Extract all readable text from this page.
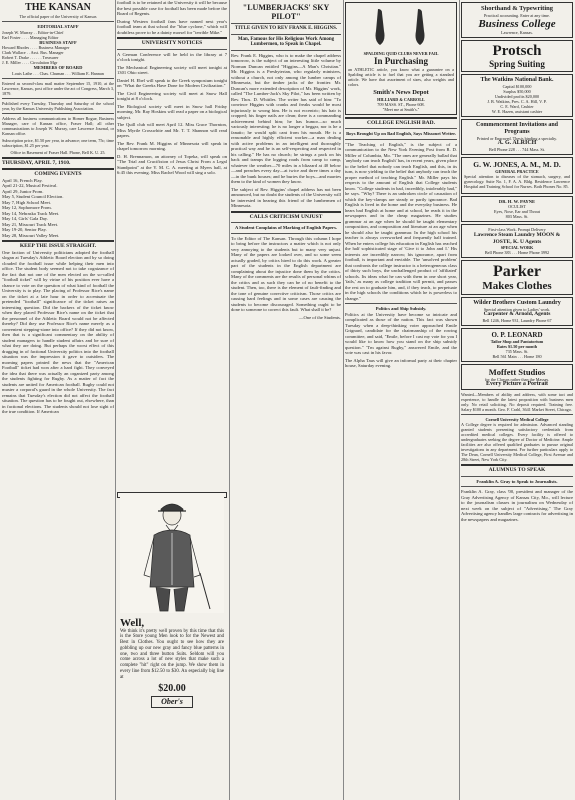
THE KANSAN
The official paper of the University of Kansas
EDITORIAL STAFF
Joseph W. Murray . . Editor-in-Chief
Earl Foster . . . . Managing Editor
BUSINESS STAFF
Howard Rhodes . . . . Business Manager
Clark Wallace . . Asst. Bus. Manager
Robert T. Drake . . . . . . Treasurer
J. E. Miller . . . . Circulation Mgr
MEMBERS OF BOARD
Louis Lathe . . . Chas. Chuman . . . William E. Hannan

Entered as second-class mail matter September 15, 1910, at the Lawrence, Kansas, post office under the act of Congress, March 3, 1879.

Published every Tuesday, Thursday and Saturday of the school year, by the Kansas University Publishing Association.

Address all business communications to Homer Rogue, Business Manager, care of Kansan office, Fraser Hall; all other communications to Joseph W. Murray, care Lawrence Journal, or Kansan office.

Subscription price, $1.50 per year, in advance; one term, 75c; time subscription, $1.25 per year.

Office in Basement of Fraser Hall. Phone, Bell K. U. 25.

THURSDAY, APRIL 7, 1910.
COMING EVENTS
April 16, French Play.
April 21-22, Musical Festival.
April 29, Junior Prom.
May 5, Student Council Election.
May 7, High School Meet.
May 12, Sophomore Prom.
May 14, Nebraska Track Meet.
May 14, Girls' Gala Day.
May 21, Missouri Track Meet.
May 19-20, Senior Play.
May 28, Missouri Valley Meet.
KEEP THE ISSUE STRAIGHT.

One faction of University politicians adopted the football slogan at Tuesday's Athletic Board election and by so doing clouded the football issue while helping their men into office. The student body seemed not to take cognizance of the fact that not one of the men elected on the so-called "football ticket" will by virtue of his position ever have a chance to vote on the question of what kind of football the University is to play. The placing of Professor Rice's name on the ticket at a late hour in order to accentuate the pretended "football" significance of the ticket raises an interesting question. Did the backers of the ticket know when they placed Professor Rice's name on the ticket that the personnel of the Athletic Board would not be affected thereby? Did they use Professor Rice's name merely as a convenient stepping-stone into office? If they did not know, then that is a significant commentary on the ability of student managers to handle student affairs and be sure of what they are doing. But perhaps the worst effect of this dragging in of factional University politics into the football situation was the impression it gave to outsiders. The morning papers printed the news that the "American Football" ticket had won after a hard fight. They conveyed the idea that there was actually an organized party among the students fighting for Rugby. As a matter of fact the students are united for American football. Rugby could not muster a corporal's guard in the whole University. The fact remains that Tuesday's election did not affect the football situation. The question has to be fought out, elsewhere, than in factional elections. The students should not lose sight of the true condition. If American

football is to be retained at the University it will be because the best possible case for football has been made before the Board of Regents.

During Western football fans have named next year's football team at that school the "blue cyclone," which will doubtless prove to be a dainty morsel for "terrible Mike."

UNIVERSITY NOTICES

A German Conference will be held in the library at 7 o'clock tonight.

The Mechanical Engineering society will meet tonight at 1301 Ohio street.

Daniel H. Ebel will speak to the Greek symposium tonight on "What the Greeks Have Done for Modern Civilization."

The Civil Engineering society will meet at Snow Hall tonight at 8 o'clock.

The Biological society will meet in Snow hall Friday morning. Mr. Ray Hoskins will read a paper on a biological subject.

The Quill club will meet April 12. Miss Grace Thornton, Miss Myrtle Crosswhite and Mr. T. T. Shannon will read papers.

The Rev. Frank M. Higgins of Minnesota will speak in chapel tomorrow morning.

D. H. Brennamon, an attorney of Topeka, will speak on "The Trial and Crucifixion of Jesus Christ From a Legal Standpoint" at the Y. M. C. A. meeting at Myers hall, at 6:45 this evening. Miss Rachel Wood will sing a solo.

Well,

We think it's pretty well proven by this time that this is the Store young Men look to for the Newest and Best in Clothes. You ought to see how they are gobbling up our new gray and fancy blue patterns in one, two and three button Suits. Seldom will you come across a lot of new styles that make such a complete "hit" right on the jump. We show them in every line from $12.50 to $30. An especially big line at

$20.00
Ober's
"LUMBERJACKS' SKY PILOT"
TITLE GIVEN TO REV FRANK E. HIGGINS.
Man, Famous for His Religious Work Among Lumbermen, to Speak in Chapel.

Rev. Frank E. Higgins, who is to make the chapel address tomorrow, is the subject of an interesting little volume by Norman Duncan entitled "Higgins—A Man's Christian." Mr. Higgins is a Presbyterian, who regularly ministers, without a church, not only among the lumber camps of Minnesota, but the timber jacks of the frontier. Mr. Duncan's more extended description of Mr. Higgins' work, called "The Lumber-Jack's Sky Pilot," has been written by Rev. Thos. D. Whittles. The writer has said of him: "To convince Higgins with cranks and freaks would be most injuriously to wrong him. He is not eccentric; his hair is cropped; his finger nails are clean; there is a commanding achievement behind him; he has humor—so much variously interesting; he is no longer a beggar, nor is he a fanatic; he would split cant from his mouth. He is a reasonable and highly efficient worker—a man dealing with active problems in an intelligent and thoroughly practical way and he is an self-respecting and respected in his calling." He has no church; he strings a pack on his back and tramps the logging roads from camp to camp, whatever the weather—70 miles in a blizzard at 40 below—and preaches every day—at twice and three times a day—in the bunk houses; and he buries the boys—and marries them to the kind of women they know.

The subject of Rev. Higgins' chapel address has not been announced, but no doubt the students of the University will be interested in hearing this friend of the lumbermen of Minnesota.

CALLS CRITICISM UNJUST
A Student Complains of Marking of English Papers.

To the Editor of The Kansan. Through this column I hope to bring before the instructors a matter which is not only very annoying to the students but to many very unjust. Many of the papers are looked over, and so some seem actually graded, by critics hired to do this work. A greater part of the students in the English department are complaining about the injustice done them by the critics. Many of the comments are the results of personal whims of the critics and as such they can be of no benefit to the student. Then, too, there is the element of fault-finding and the tone of genuine corrective criticism. Those critics are causing hard feelings and in some cases are causing the students to become discouraged. Something ought to be done to someone to correct this fault. What shall it be?

—One of the Students.
SPALDING QUID CLUBS NEVER FAIL
In Purchasing

an ATHLETIC article, you know what a guarantee on a Spalding article is to fuel that you are getting a standard article. We have that assortment of sizes, also weights and colors.

Smith's News Depot
HILLIARD & CARROLL
709 MASS. ST., Phone 608.
"Meet me at Smith's."
COLLEGE ENGLISH BAD.
Boys Brought Up on Bad English, Says Missouri Writer.

"The Teaching of English," is the subject of a communication to the New York Evening Post from R. D. Miller of Columbia, Mo. "The ones are generally ballad that 'anybody can teach English' has, in recent years, given place to the belief that nobody can teach English, and this, in its turn, is now yielding to the belief that anybody can teach the proper method of teaching English." Mr. Miller pays his respects to the amount of English that College students know. "College students in bad, incredibly, intolerably bad," he says. "Why? There is an unbroken circle of causation of which the key-clamps are steady or partly ignorance. Bad English is lived in the home and the everyday business. He hears bad English at home and at school, he reads it in the newspapers and in the cheap magazines. He studies grammar at an age when he should be taught elementary composition, and composition and literature at an age when he should also be taught grammar. In the high school his teacher is always overworked and frequently half trained. When he enters college his education in English has reached the half sophisticated stage of 'Give it to John and I.' His interests are incredibly narrow; his ignorance, apart from football, is important and enviable. The 'unsolved problem' that confronts the college instructor is a heterogeneous class of thirty such boys, the unchallenged product of 'affiliated' schools. Its ideas what he can with them in one short year, 'fails,' as many as college tradition will permit, and passes the rest on to graduate him, and, if they teach, to perpetuate in the high schools the conditions which he is powerless to change."

Politics and Ship Subsidy.

Politics at the University have become so intricate and complicated as those of the nation. This fact was shown Tuesday when a deep-thinking voter approached Emile Grignard, candidate for the chairmanship of the rowing committee, and said, "Emile, before I cast my vote for you I would like to know how you stand on the ship subsidy question." "I'm against Rugby," answered Emile, and the vote was cast in his favor.

The Alpha Taus will give an informal party at their chapter house, Saturday evening.

Shorthand & Typewriting
Practical accounting. Enter at any time.
Business College
Lawrence, Kansas.
Protsch
Spring Suiting
The Watkins National Bank.
Capital $100,000
Surplus $50,000
Undivided profits $20,000
J. B. Watkins, Pres. C. A. Hill, V. P.
C. E. Ward, Cashier
W. E. Hazen, assistant cashier
Commencement Invitations and Programs
Printed or Engraved. Thesis binding a specialty.
A. G. ALRICH
Bell Phone 228 . . . 744 Mass. St.
G. W. JONES, A. M., M. D.
GENERAL PRACTICE

Special attention to diseases of the stomach, surgery, and gynecology. Suite No. 1, F. A. A. Bldg. Residence Lawrence Hospital and Training School for Nurses. Both Phones No. 85.

DR. H. W. PAYNE
OCULIST
Eyes, Nose, Ear and Throat
803 Mass. St.
First-class Work. Prompt Delivery
Lawrence Steam Laundry MOON & JOSTE, K. U Agents
SPECIAL WORK
Bell Phone 383 . . . Home Phone 3992
Parker
Makes Clothes
Wilder Brothers Custom Laundry
Special attention given to Ladies' work.
Carpenter & Arnold, Agents
Bell 1246, Home 931, Laundry Phone 67
O. P. LEONARD
Tailor Shop and Pantatorium
Rates $1.50 per month
735 Mass. St.
Bell 561 Main . . . Home 180
Moffett Studios
for the Classes rather than the Masses.
Every Picture a Portrait

Wanted—Members of ability and address, with some tact and experience, to handle the latest proposition with business men only. No retail soliciting. No deposit required. Training free. Salary $100 a month. Geo. F. Crahl, 3641 Market Street, Chicago.

Cornell University Medical College

A College degree is required for admission. Advanced standing granted students presenting satisfactory credentials from accredited medical colleges. Every facility is offered to undergraduates seeking the degree of Doctor of Medicine. Ample facilities are also offered qualified graduates to pursue original investigations in any department. For further particulars apply to The Dean, Cornell University Medical College, First Avenue and 28th Street, New York City.

ALUMNUS TO SPEAK
Franklin A. Gray to Speak to Journalists.

Franklin A. Gray, class '00, president and manager of the Gray Advertising Agency of Kansas City, Mo., will lecture to the journalism classes in journalism on Wednesday of next week on the subject of "Advertising." The Gray Advertising agency handles large contracts for advertising in the newspapers and magazines.
